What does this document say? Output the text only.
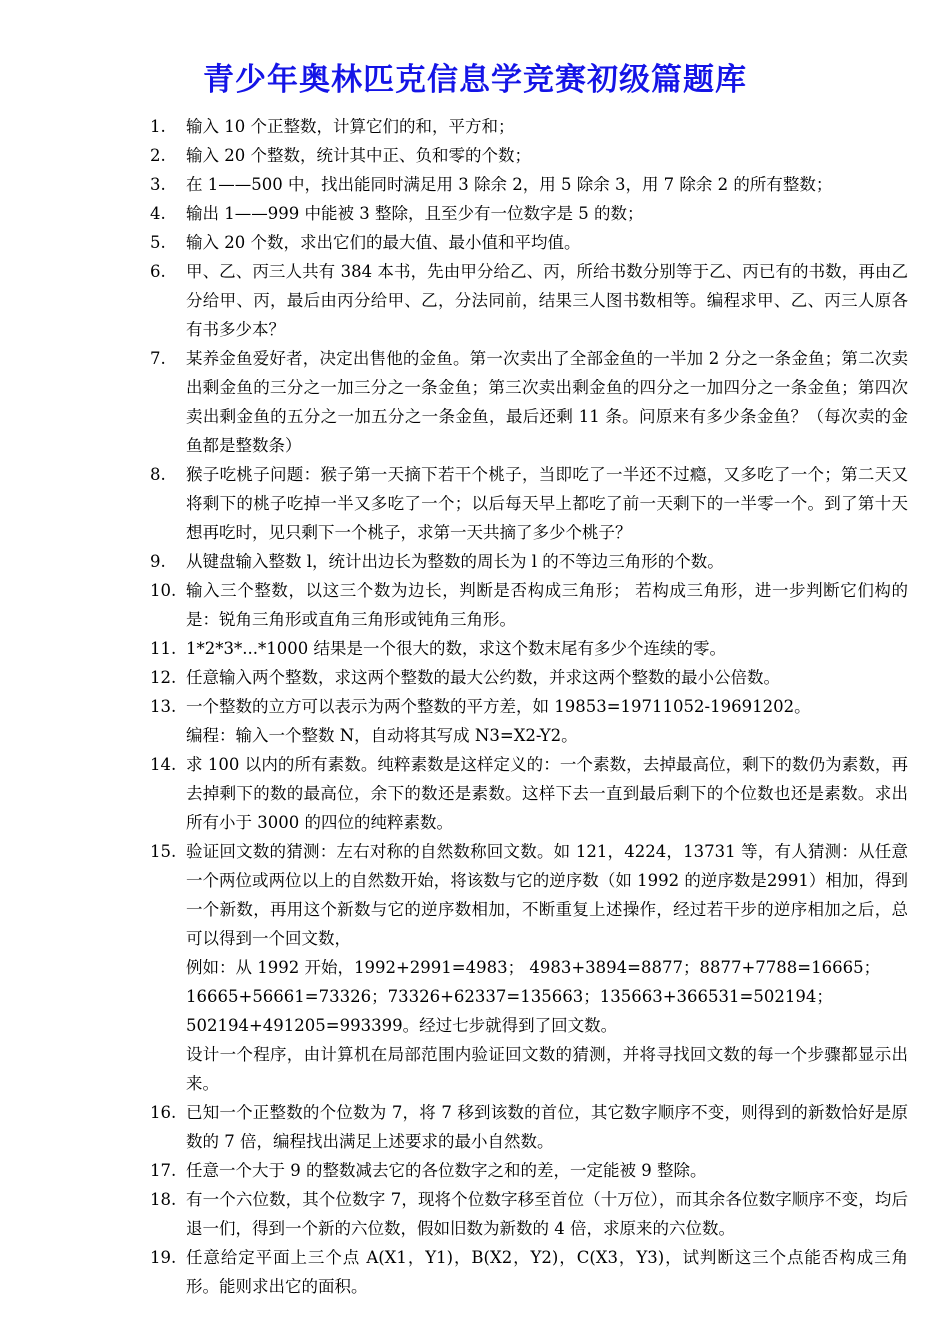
青少年奥林匹克信息学竞赛初级篇题库
1.	输入 10 个正整数，计算它们的和，平方和；
2.	输入 20 个整数，统计其中正、负和零的个数；
3.	在 1——500 中，找出能同时满足用 3 除余 2，用 5 除余 3，用 7 除余 2 的所有整数；
4.	输出 1——999 中能被 3 整除，且至少有一位数字是 5 的数；
5.	输入 20 个数，求出它们的最大值、最小值和平均值。
6.	甲、乙、丙三人共有 384 本书，先由甲分给乙、丙，所给书数分别等于乙、丙已有的书数，再由乙分给甲、丙，最后由丙分给甲、乙，分法同前，结果三人图书数相等。编程求甲、乙、丙三人原各有书多少本？
7.	某养金鱼爱好者，决定出售他的金鱼。第一次卖出了全部金鱼的一半加 2 分之一条金鱼；第二次卖出剩金鱼的三分之一加三分之一条金鱼；第三次卖出剩金鱼的四分之一加四分之一条金鱼；第四次卖出剩金鱼的五分之一加五分之一条金鱼，最后还剩 11 条。问原来有多少条金鱼？（每次卖的金鱼都是整数条）
8.	猴子吃桃子问题：猴子第一天摘下若干个桃子，当即吃了一半还不过瘾，又多吃了一个；第二天又将剩下的桃子吃掉一半又多吃了一个；以后每天早上都吃了前一天剩下的一半零一个。到了第十天想再吃时，见只剩下一个桃子，求第一天共摘了多少个桃子？
9.	从键盘输入整数 l，统计出边长为整数的周长为 l 的不等边三角形的个数。
10. 输入三个整数，以这三个数为边长，判断是否构成三角形； 若构成三角形，进一步判断它们构的是：锐角三角形或直角三角形或钝角三角形。
11. 1*2*3*...*1000 结果是一个很大的数，求这个数末尾有多少个连续的零。
12. 任意输入两个整数，求这两个整数的最大公约数，并求这两个整数的最小公倍数。
13. 一个整数的立方可以表示为两个整数的平方差，如 19853=19711052-19691202。
编程：输入一个整数 N，自动将其写成 N3=X2-Y2。
14. 求 100 以内的所有素数。纯粹素数是这样定义的：一个素数，去掉最高位，剩下的数仍为素数，再去掉剩下的数的最高位，余下的数还是素数。这样下去一直到最后剩下的个位数也还是素数。求出所有小于 3000 的四位的纯粹素数。
15. 验证回文数的猜测：左右对称的自然数称回文数。如 121，4224，13731 等，有人猜测：从任意一个两位或两位以上的自然数开始，将该数与它的逆序数（如 1992 的逆序数是2991）相加，得到一个新数，再用这个新数与它的逆序数相加，不断重复上述操作，经过若干步的逆序相加之后，总可以得到一个回文数，
例如：从 1992 开始，1992+2991=4983； 4983+3894=8877；8877+7788=16665；
16665+56661=73326；73326+62337=135663；135663+366531=502194；
502194+491205=993399。经过七步就得到了回文数。
设计一个程序，由计算机在局部范围内验证回文数的猜测，并将寻找回文数的每一个步骤都显示出来。
16. 已知一个正整数的个位数为 7，将 7 移到该数的首位，其它数字顺序不变，则得到的新数恰好是原数的 7 倍，编程找出满足上述要求的最小自然数。
17. 任意一个大于 9 的整数减去它的各位数字之和的差，一定能被 9 整除。
18. 有一个六位数，其个位数字 7，现将个位数字移至首位（十万位），而其余各位数字顺序不变，均后退一们，得到一个新的六位数，假如旧数为新数的 4 倍，求原来的六位数。
19. 任意给定平面上三个点 A(X1，Y1)，B(X2，Y2)，C(X3，Y3)，试判断这三个点能否构成三角形。能则求出它的面积。
